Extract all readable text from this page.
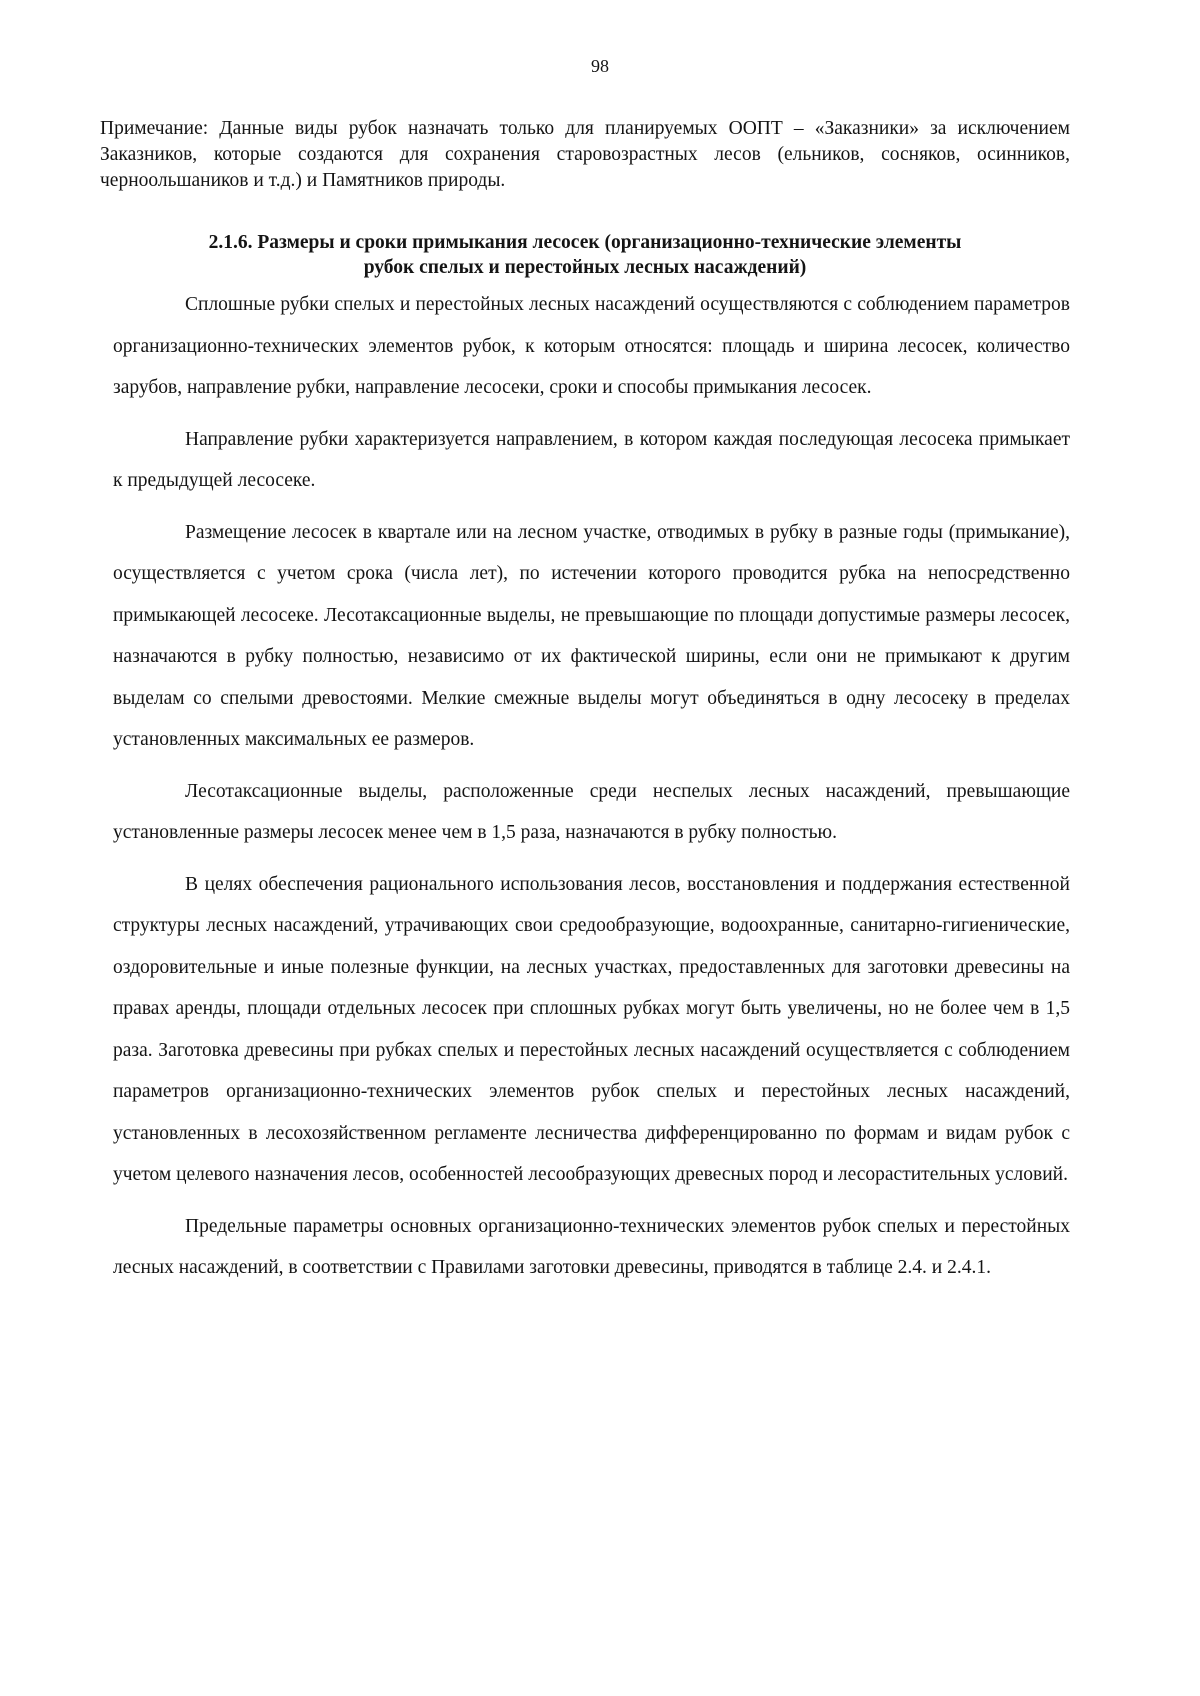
98
Примечание: Данные виды рубок назначать только для планируемых ООПТ – «Заказники» за исключением Заказников, которые создаются для сохранения старовозрастных лесов (ельников, сосняков, осинников, черноольшаников и т.д.) и Памятников природы.
2.1.6. Размеры и сроки примыкания лесосек (организационно-технические элементы
рубок спелых и перестойных лесных насаждений)

Сплошные рубки спелых и перестойных лесных насаждений осуществляются с соблюдением параметров организационно-технических элементов рубок, к которым относятся: площадь и ширина лесосек, количество зарубов, направление рубки, направление лесосеки, сроки и способы примыкания лесосек.

Направление рубки характеризуется направлением, в котором каждая последующая лесосека примыкает к предыдущей лесосеке.

Размещение лесосек в квартале или на лесном участке, отводимых в рубку в разные годы (примыкание), осуществляется с учетом срока (числа лет), по истечении которого проводится рубка на непосредственно примыкающей лесосеке. Лесотаксационные выделы, не превышающие по площади допустимые размеры лесосек, назначаются в рубку полностью, независимо от их фактической ширины, если они не примыкают к другим выделам со спелыми древостоями. Мелкие смежные выделы могут объединяться в одну лесосеку в пределах установленных максимальных ее размеров.

Лесотаксационные выделы, расположенные среди неспелых лесных насаждений, превышающие установленные размеры лесосек менее чем в 1,5 раза, назначаются в рубку полностью.

В целях обеспечения рационального использования лесов, восстановления и поддержания естественной структуры лесных насаждений, утрачивающих свои средообразующие, водоохранные, санитарно-гигиенические, оздоровительные и иные полезные функции, на лесных участках, предоставленных для заготовки древесины на правах аренды, площади отдельных лесосек при сплошных рубках могут быть увеличены, но не более чем в 1,5 раза. Заготовка древесины при рубках спелых и перестойных лесных насаждений осуществляется с соблюдением параметров организационно-технических элементов рубок спелых и перестойных лесных насаждений, установленных в лесохозяйственном регламенте лесничества дифференцированно по формам и видам рубок с учетом целевого назначения лесов, особенностей лесообразующих древесных пород и лесорастительных условий.

Предельные параметры основных организационно-технических элементов рубок спелых и перестойных лесных насаждений, в соответствии с Правилами заготовки древесины, приводятся в таблице 2.4. и 2.4.1.
